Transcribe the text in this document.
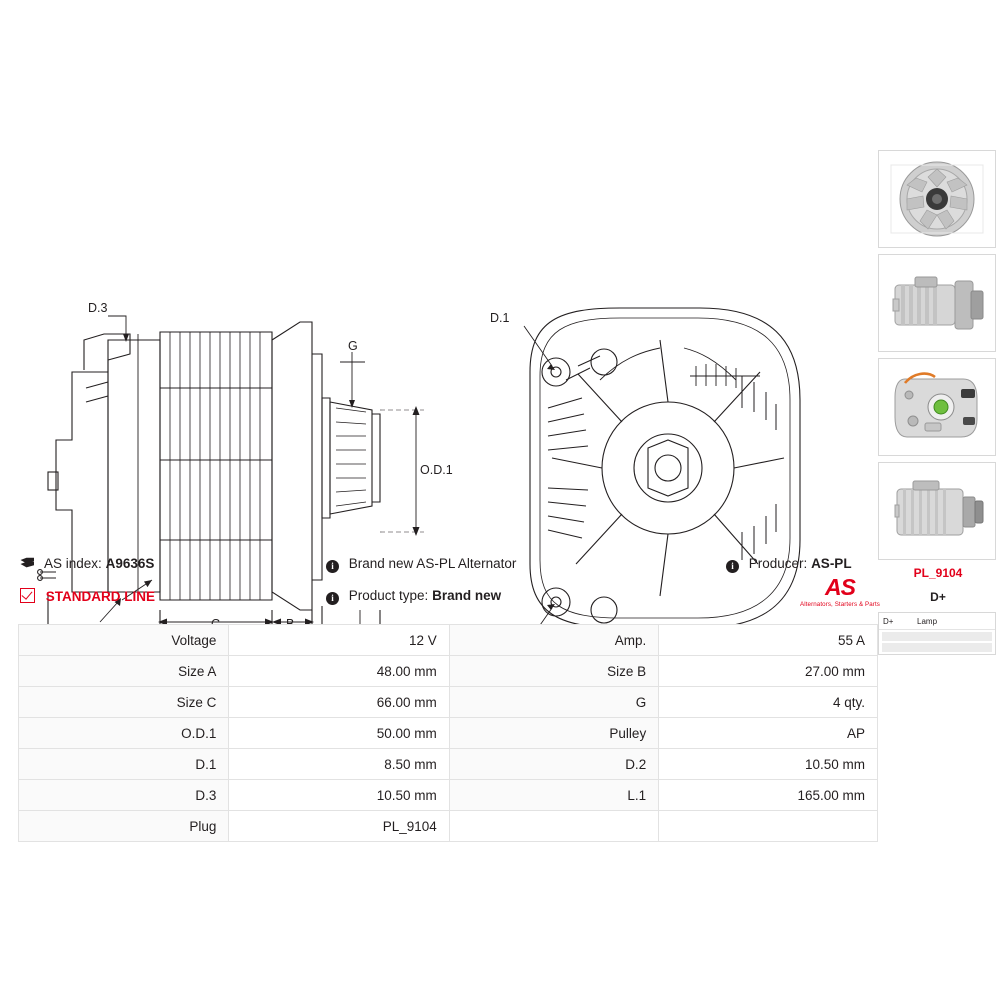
D.3
G
O.D.1
D.1
PL_9104
D+
D+	Lamp
AS index: A9636S	i Brand new AS-PL Alternator	i Producer: AS-PL
STANDARD LINE	i Product type: Brand new	AS
Alternators, Starters & Parts
Voltage	12 V	Amp.	55 A
Size A	48.00 mm	Size B	27.00 mm
Size C	66.00 mm	G	4 qty.
O.D.1	50.00 mm	Pulley	AP
D.1	8.50 mm	D.2	10.50 mm
D.3	10.50 mm	L.1	165.00 mm
Plug	PL_9104		
